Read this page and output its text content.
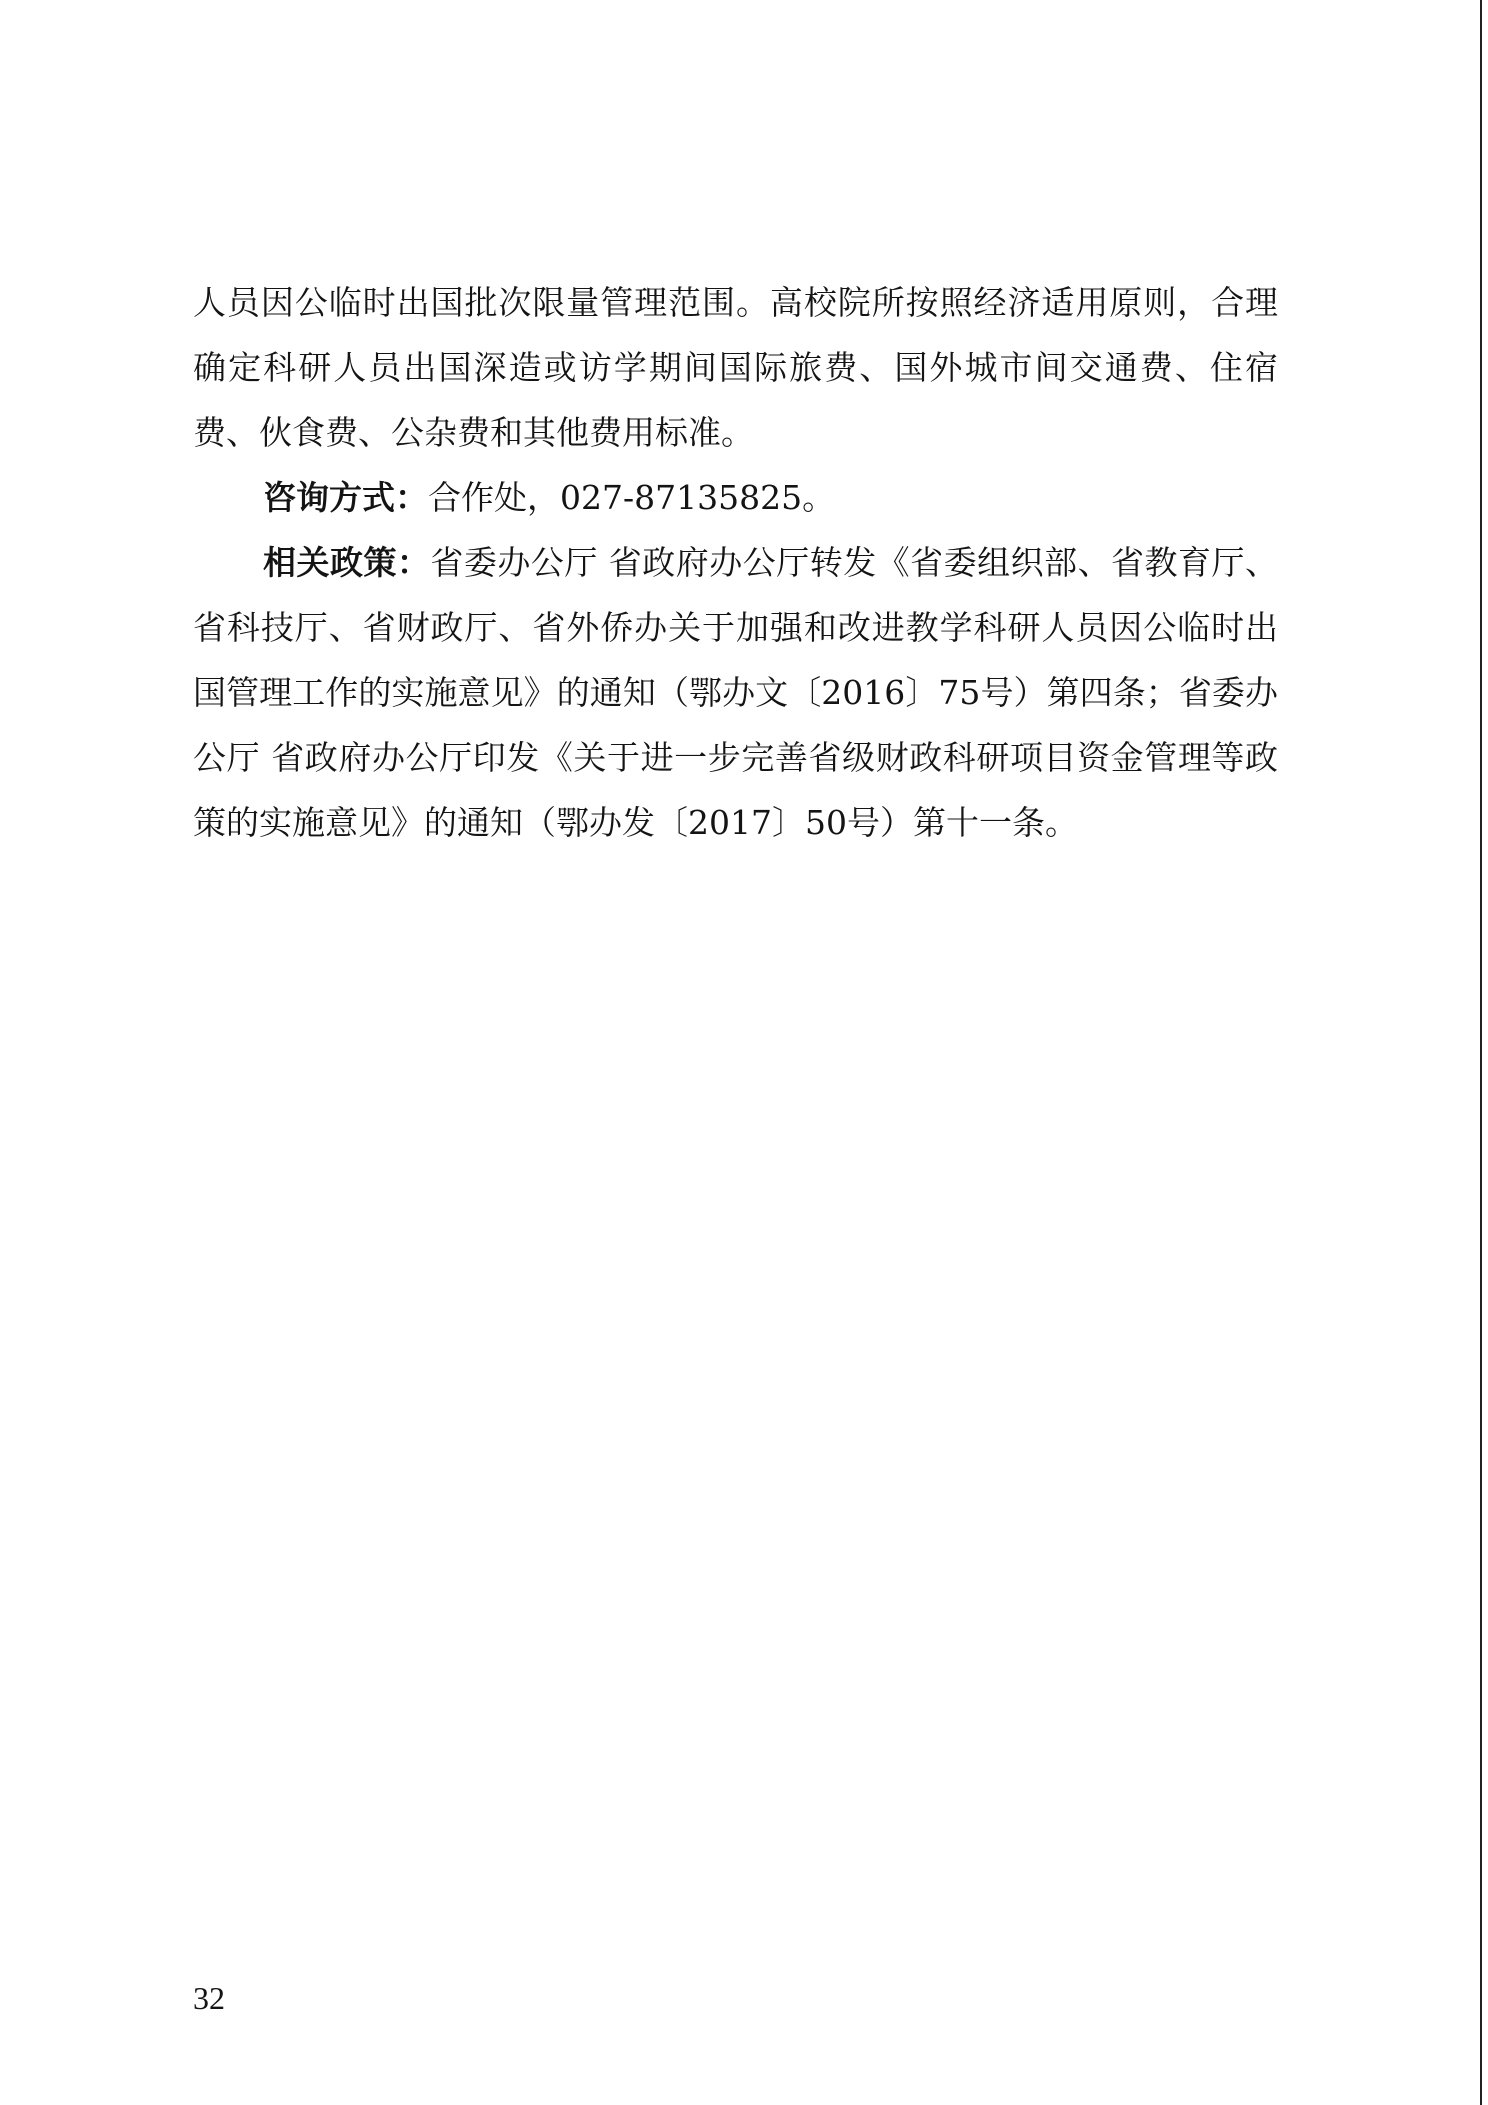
人员因公临时出国批次限量管理范围。高校院所按照经济适用原则，合理确定科研人员出国深造或访学期间国际旅费、国外城市间交通费、住宿费、伙食费、公杂费和其他费用标准。

咨询方式：合作处，027-87135825。

相关政策：省委办公厅 省政府办公厅转发《省委组织部、省教育厅、省科技厅、省财政厅、省外侨办关于加强和改进教学科研人员因公临时出国管理工作的实施意见》的通知（鄂办文〔2016〕75号）第四条；省委办公厅 省政府办公厅印发《关于进一步完善省级财政科研项目资金管理等政策的实施意见》的通知（鄂办发〔2017〕50号）第十一条。

32
